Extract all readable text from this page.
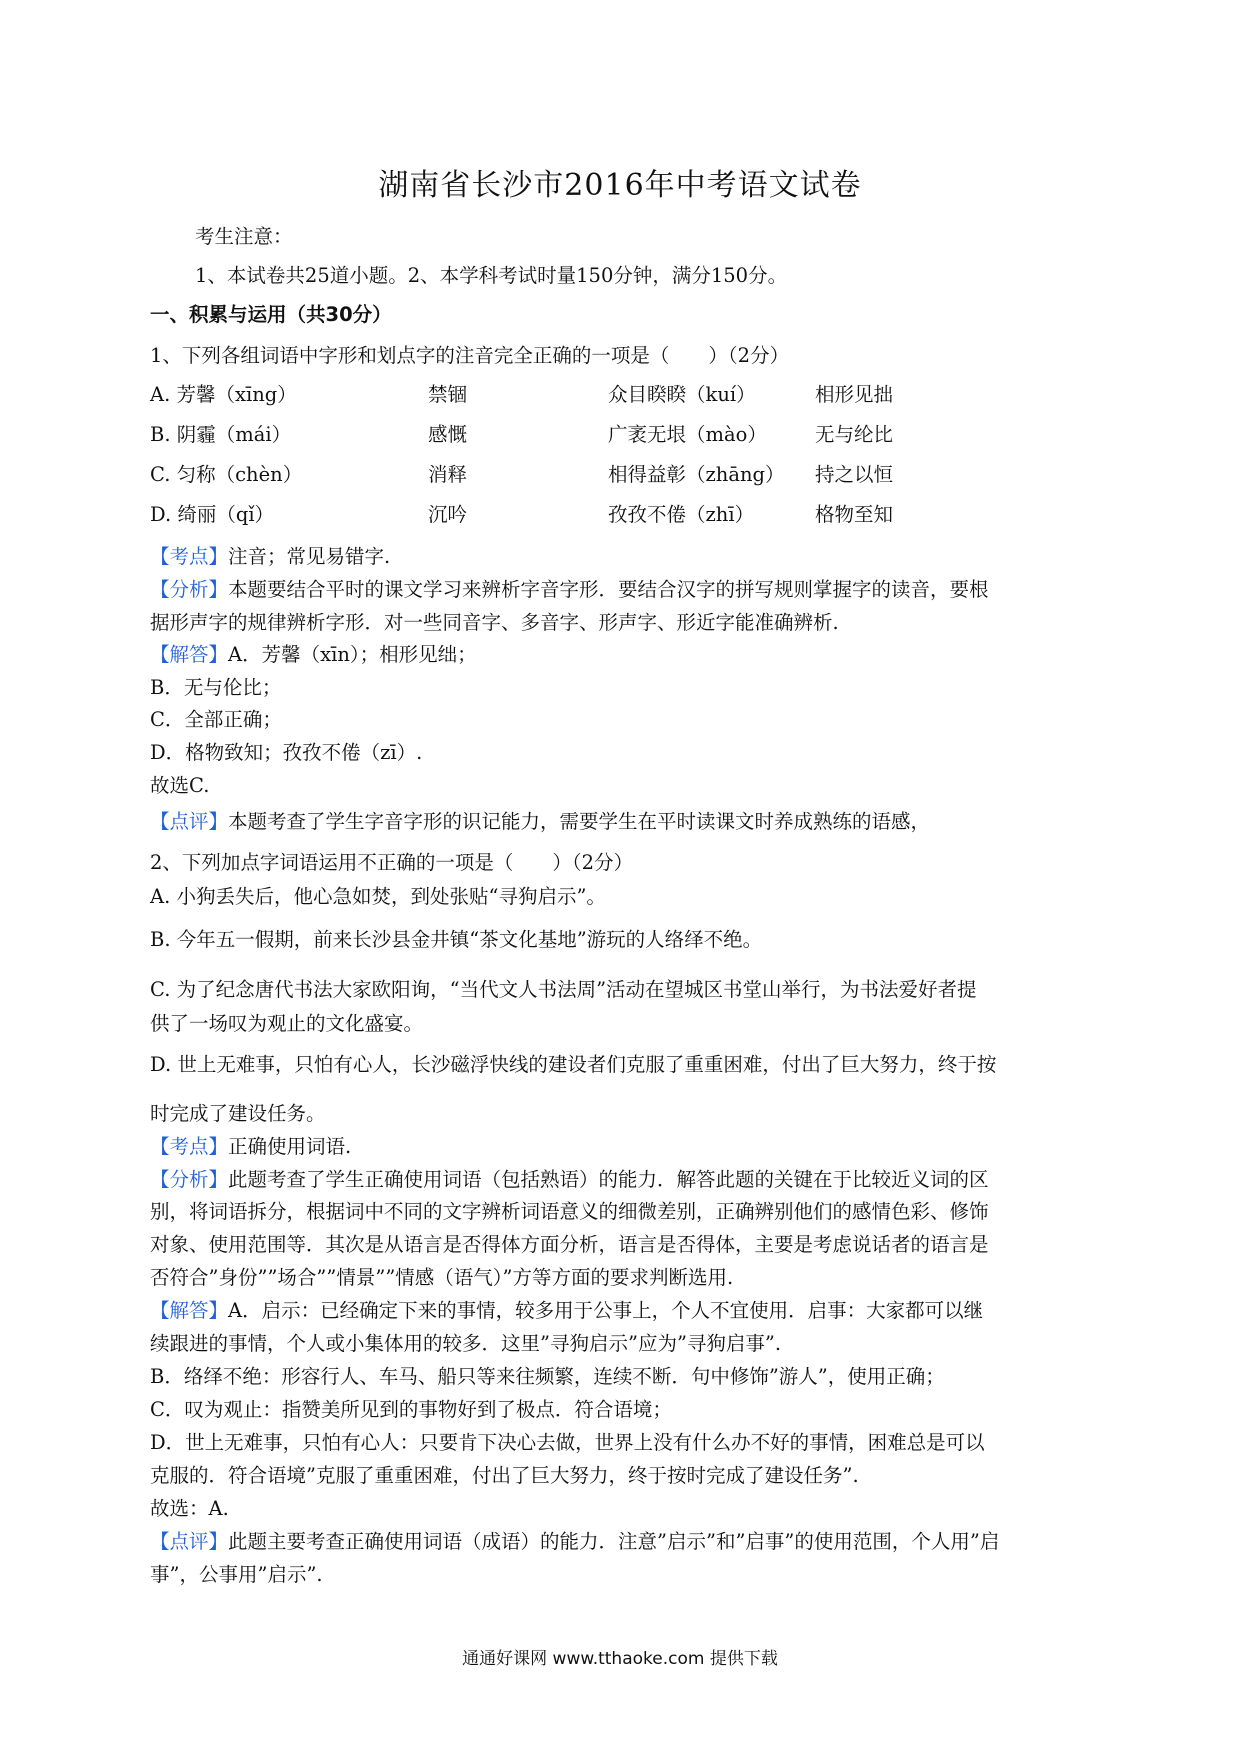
湖南省长沙市2016年中考语文试卷
考生注意：
1、本试卷共25道小题。2、本学科考试时量150分钟，满分150分。
一、积累与运用（共30分）
1、下列各组词语中字形和划点字的注音完全正确的一项是（　　）（2分）
A. 芳馨（xīng）	禁锢	众目睽睽（kuí）	相形见拙
B. 阴霾（mái）	感慨	广袤无垠（mào） 无与纶比
C. 匀称（chèn）	消释	相得益彰（zhāng） 持之以恒
D. 绮丽（qǐ）	沉吟	孜孜不倦（zhī）	格物至知
【考点】注音；常见易错字.
【分析】本题要结合平时的课文学习来辨析字音字形．要结合汉字的拼写规则掌握字的读音，要根
据形声字的规律辨析字形．对一些同音字、多音字、形声字、形近字能准确辨析.
【解答】A．芳馨（xīn）；相形见绌；
B．无与伦比；
C．全部正确；
D．格物致知；孜孜不倦（zī）.
故选C.
【点评】本题考查了学生字音字形的识记能力，需要学生在平时读课文时养成熟练的语感，
2、下列加点字词语运用不正确的一项是（　　）（2分）
A. 小狗丢失后，他心急如焚，到处张贴“寻狗启示”。
B. 今年五一假期，前来长沙县金井镇“茶文化基地”游玩的人络绎不绝。
C. 为了纪念唐代书法大家欧阳询，“当代文人书法周”活动在望城区书堂山举行，为书法爱好者提
供了一场叹为观止的文化盛宴。
D. 世上无难事，只怕有心人，长沙磁浮快线的建设者们克服了重重困难，付出了巨大努力，终于按
时完成了建设任务。
【考点】正确使用词语.
【分析】此题考查了学生正确使用词语（包括熟语）的能力．解答此题的关键在于比较近义词的区
别，将词语拆分，根据词中不同的文字辨析词语意义的细微差别，正确辨别他们的感情色彩、修饰
对象、使用范围等．其次是从语言是否得体方面分析，语言是否得体，主要是考虑说话者的语言是
否符合”身份””场合””情景””情感（语气）”方等方面的要求判断选用.
【解答】A．启示：已经确定下来的事情，较多用于公事上，个人不宜使用．启事：大家都可以继
续跟进的事情，个人或小集体用的较多．这里”寻狗启示”应为”寻狗启事”.
B．络绎不绝：形容行人、车马、船只等来往频繁，连续不断．句中修饰”游人”，使用正确；
C．叹为观止：指赞美所见到的事物好到了极点．符合语境；
D．世上无难事，只怕有心人：只要肯下决心去做，世界上没有什么办不好的事情，困难总是可以
克服的．符合语境”克服了重重困难，付出了巨大努力，终于按时完成了建设任务”.
故选：A.
【点评】此题主要考查正确使用词语（成语）的能力．注意”启示”和”启事”的使用范围，个人用”启
事”，公事用”启示”.
通通好课网 www.tthaoke.com 提供下载
